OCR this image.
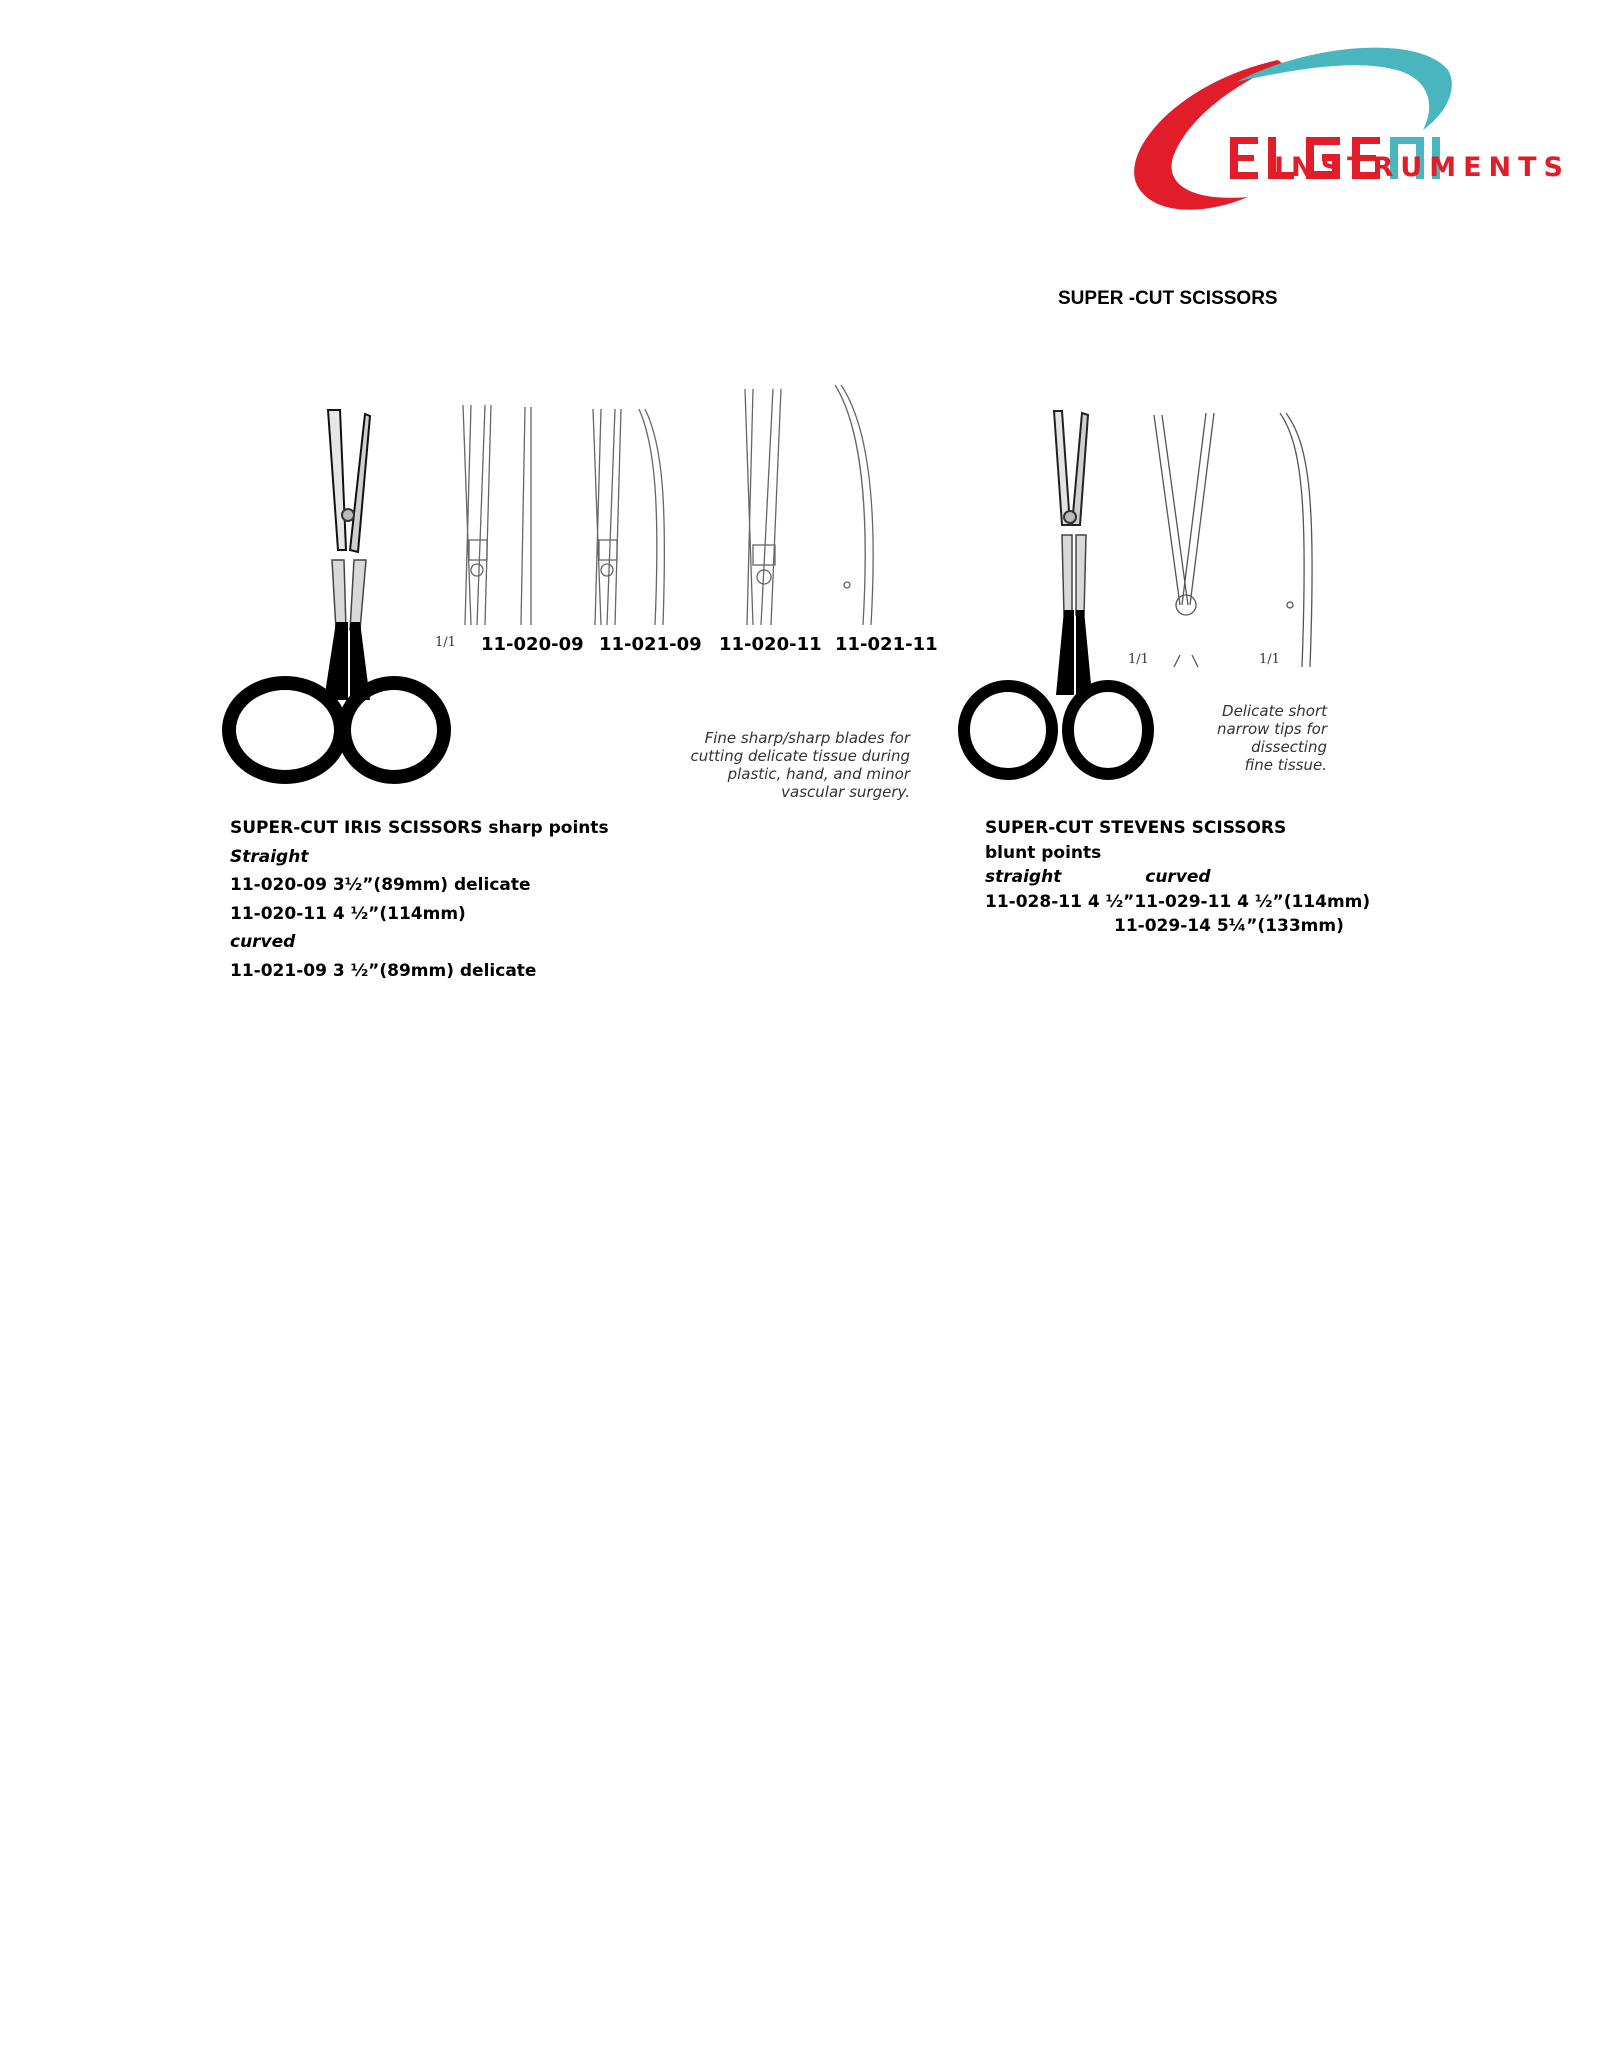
INSTRUMENTS
SUPER -CUT SCISSORS
1/1 11-020-09 11-021-09 11-020-11 11-021-11
Fine sharp/sharp blades for
cutting delicate tissue during
plastic, hand, and minor
vascular surgery.
SUPER-CUT IRIS SCISSORS sharp points
Straight
11-020-09 3½”(89mm) delicate
11-020-11 4 ½”(114mm)
curved
11-021-09 3 ½”(89mm) delicate
1/1	1/1
Delicate short
narrow tips for
dissecting
fine tissue.
SUPER-CUT STEVENS SCISSORS
blunt points
straight	curved
11-028-11 4 ½”11-029-11 4 ½”(114mm)
11-029-14 5¼”(133mm)
